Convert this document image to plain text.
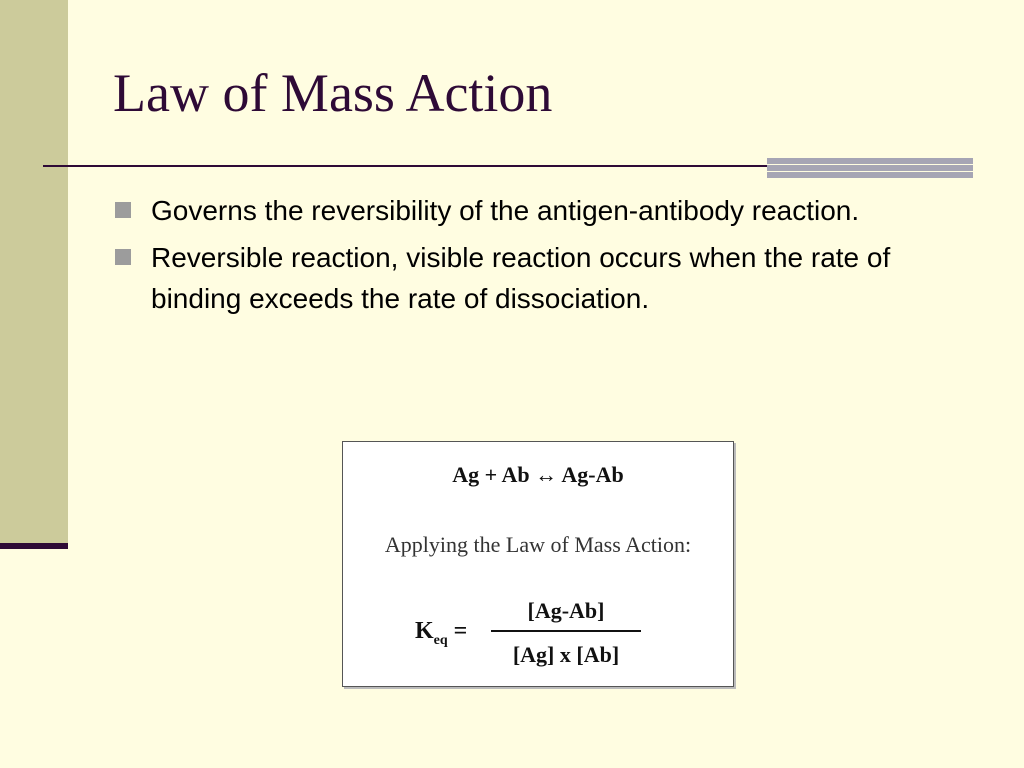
Law of Mass Action
Governs the reversibility of the antigen-antibody reaction.
Reversible reaction, visible reaction occurs when the rate of binding exceeds the rate of dissociation.
Ag + Ab ↔ Ag-Ab
Applying the Law of Mass Action:
$K_{eq}$ =
[Ag-Ab]
[Ag] x [Ab]
